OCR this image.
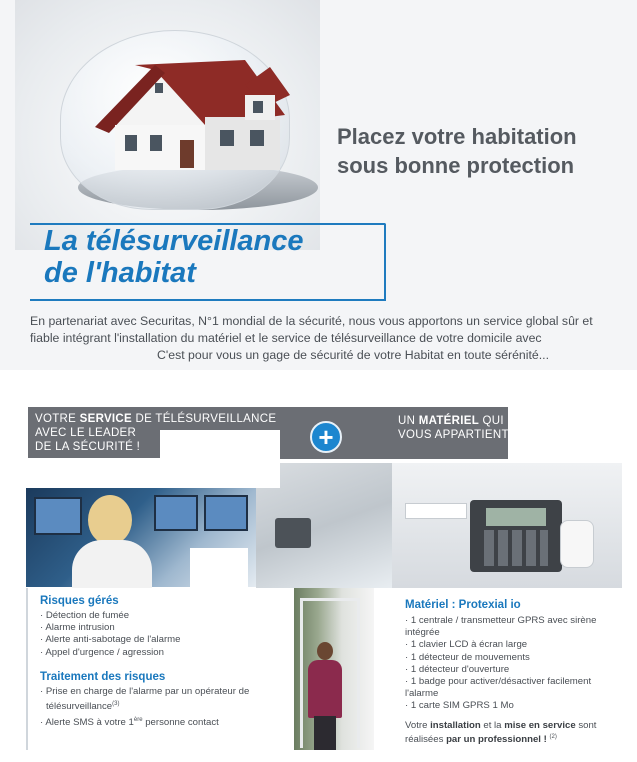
Placez votre habitation
sous bonne protection
La télésurveillance
de l'habitat

En partenariat avec Securitas, N°1 mondial de la sécurité, nous vous apportons un service global sûr et

fiable intégrant l'installation du matériel et le service de télésurveillance de votre domicile avec

C'est pour vous un gage de sécurité de votre Habitat en toute sérénité...

VOTRE SERVICE DE TÉLÉSURVEILLANCE
AVEC LE LEADER
DE LA SÉCURITÉ !	+
UN MATÉRIEL QUI
VOUS APPARTIENT !
Risques gérés
· Détection de fumée
· Alarme intrusion
· Alerte anti-sabotage de l'alarme
· Appel d'urgence / agression
Traitement des risques
· Prise en charge de l'alarme par un opérateur de
télésurveillance$^{(3)}$
· Alerte SMS à votre 1ère personne contact
Matériel : Protexial io
· 1 centrale / transmetteur GPRS avec sirène intégrée
· 1 clavier LCD à écran large
· 1 détecteur de mouvements
· 1 détecteur d'ouverture
· 1 badge pour activer/désactiver facilement l'alarme
· 1 carte SIM GPRS 1 Mo
Votre installation et la mise en service sont
réalisées par un professionnel ! $^{(2)}$
